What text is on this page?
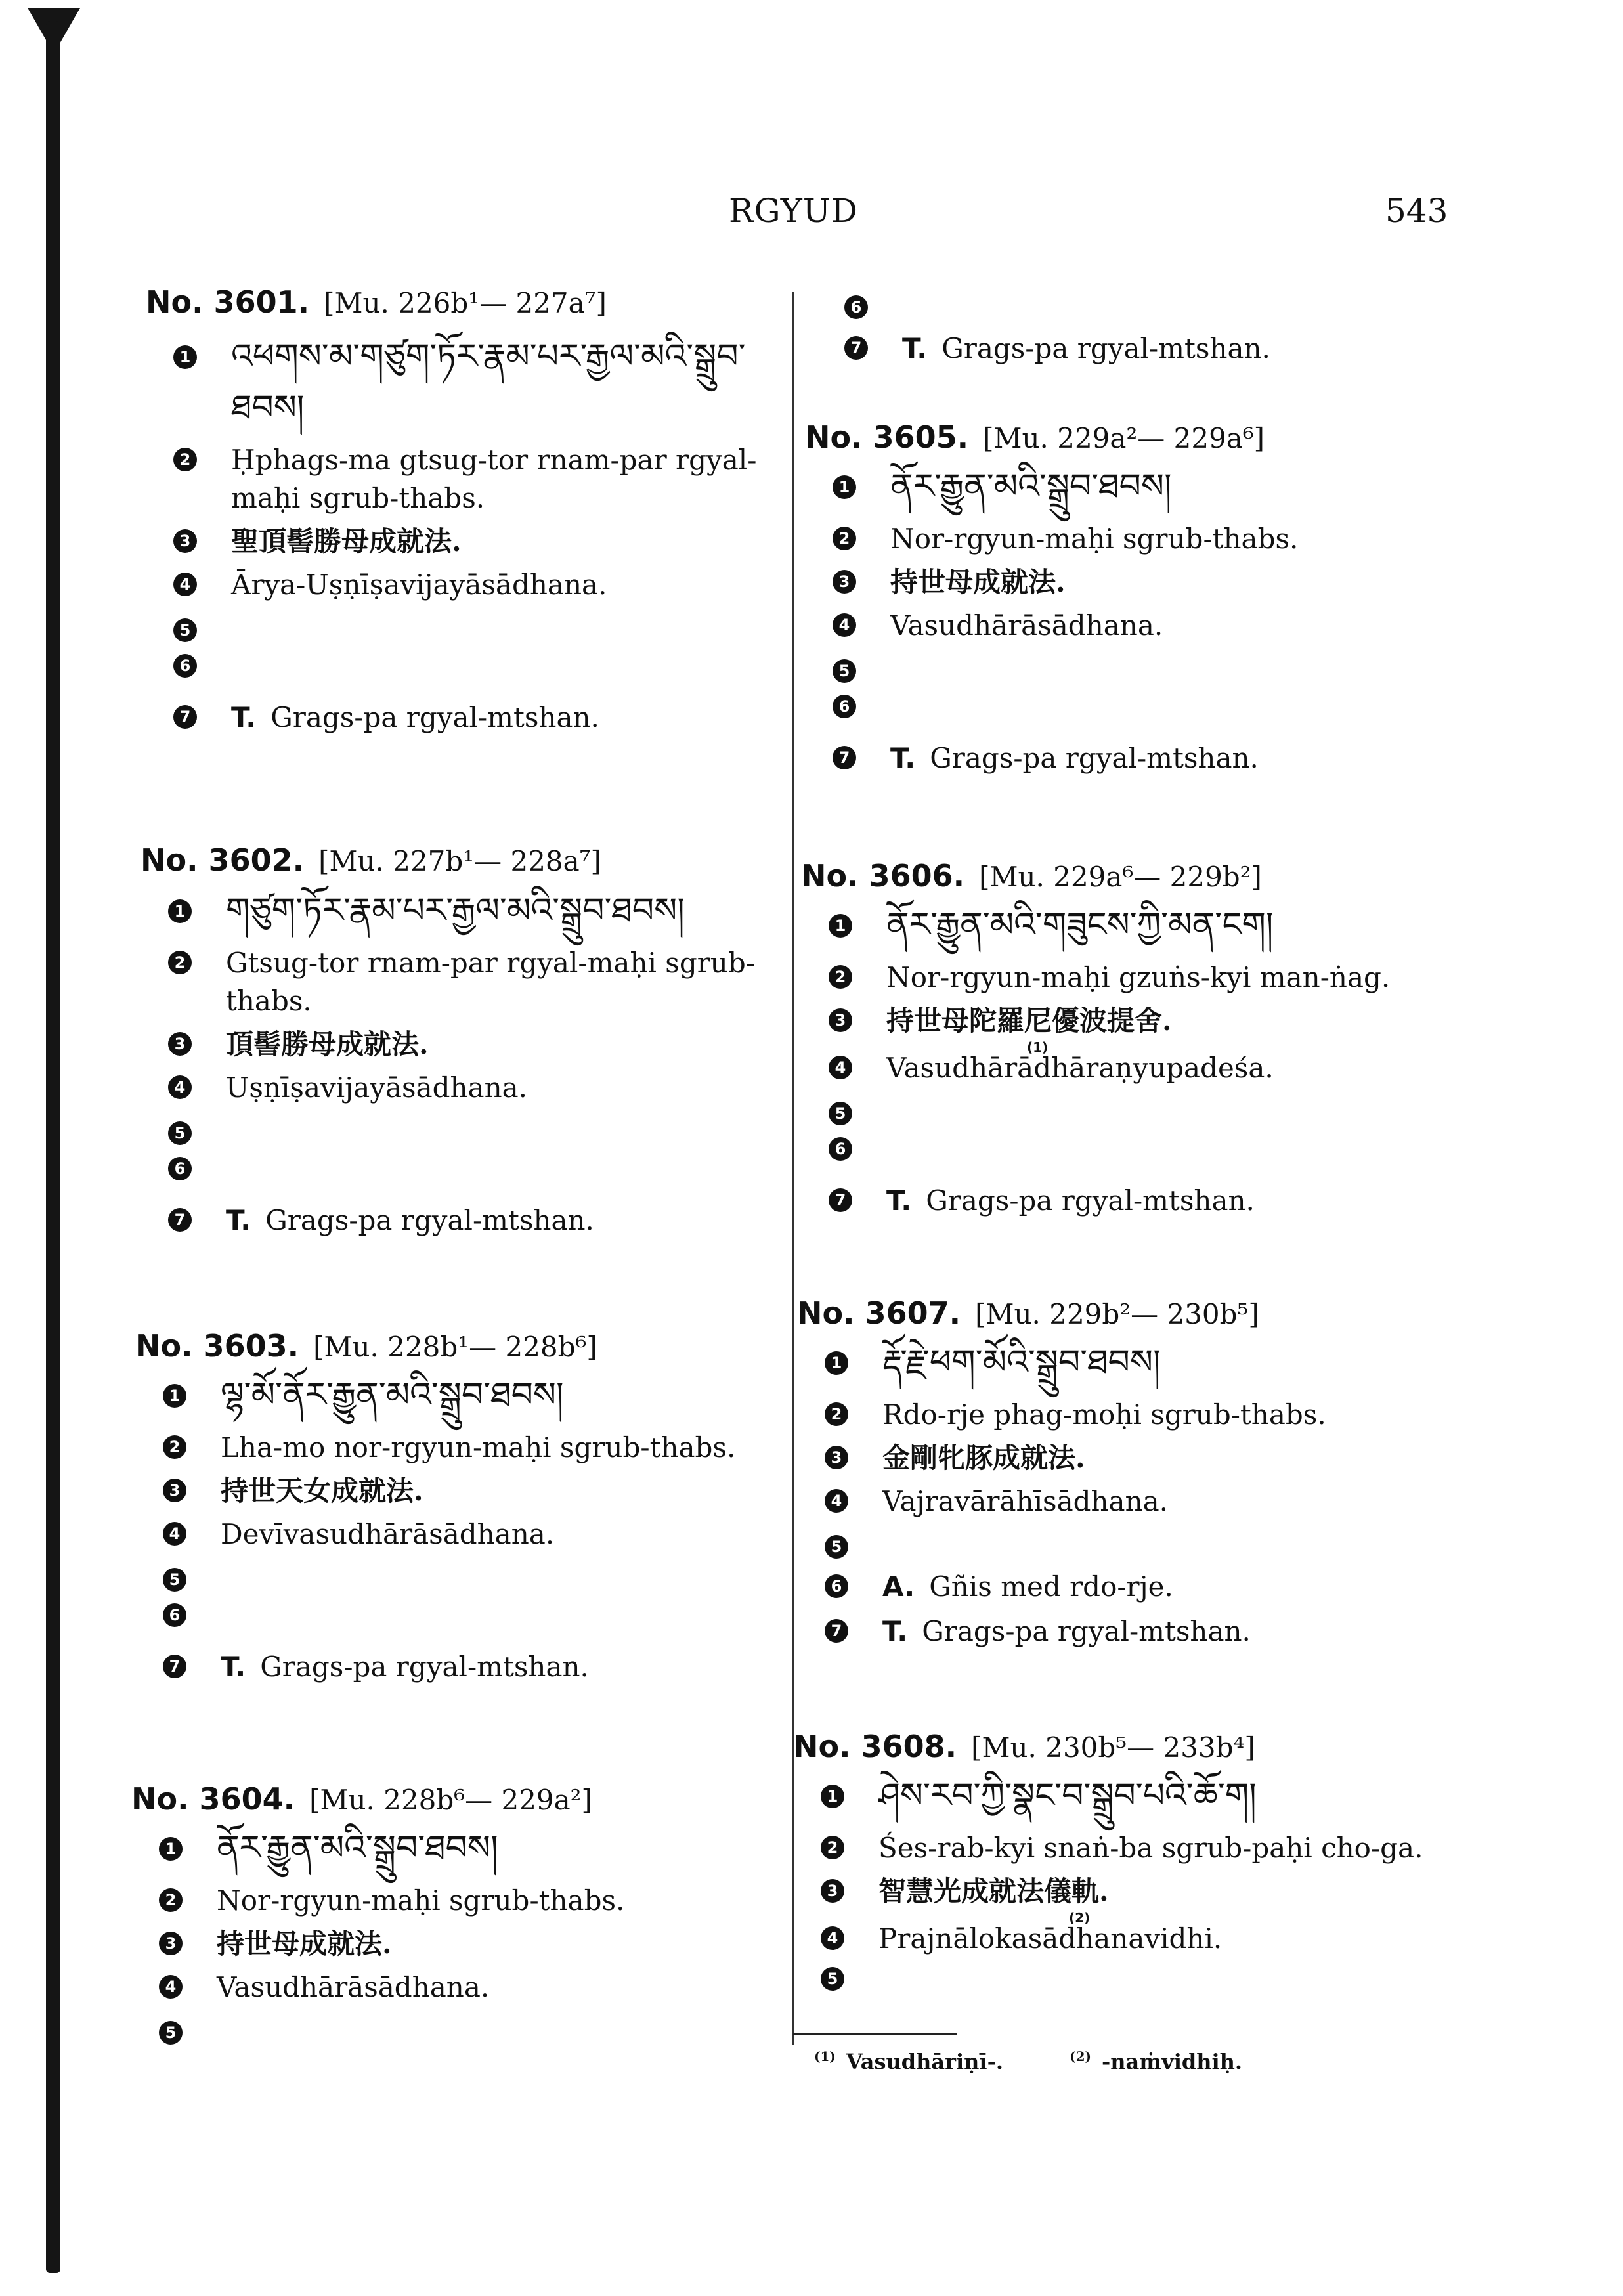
RGYUD	543
No. 3601. [Mu. 226b¹— 227a⁷]
1 འཕགས་མ་གཙུག་ཏོར་རྣམ་པར་རྒྱལ་མའི་སྒྲུབ་ཐབས།
2 Ḥphags-ma gtsug-tor rnam-par rgyal-maḥi sgrub-thabs.
3 聖頂髻勝母成就法.
4 Ārya-Uṣṇīṣavijayāsādhana.
5
6
7 T. Grags-pa rgyal-mtshan.
No. 3602. [Mu. 227b¹— 228a⁷]
1 གཙུག་ཏོར་རྣམ་པར་རྒྱལ་མའི་སྒྲུབ་ཐབས།
2 Gtsug-tor rnam-par rgyal-maḥi sgrub-thabs.
3 頂髻勝母成就法.
4 Uṣṇīṣavijayāsādhana.
5
6
7 T. Grags-pa rgyal-mtshan.
No. 3603. [Mu. 228b¹— 228b⁶]
1 ལྷ་མོ་ནོར་རྒྱུན་མའི་སྒྲུབ་ཐབས།
2 Lha-mo nor-rgyun-maḥi sgrub-thabs.
3 持世天女成就法.
4 Devīvasudhārāsādhana.
5
6
7 T. Grags-pa rgyal-mtshan.
No. 3604. [Mu. 228b⁶— 229a²]
1 ནོར་རྒྱུན་མའི་སྒྲུབ་ཐབས།
2 Nor-rgyun-maḥi sgrub-thabs.
3 持世母成就法.
4 Vasudhārāsādhana.
5
6
7 T. Grags-pa rgyal-mtshan.
No. 3605. [Mu. 229a²— 229a⁶]
1 ནོར་རྒྱུན་མའི་སྒྲུབ་ཐབས།
2 Nor-rgyun-maḥi sgrub-thabs.
3 持世母成就法.
4 Vasudhārāsādhana.
5
6
7 T. Grags-pa rgyal-mtshan.
No. 3606. [Mu. 229a⁶— 229b²]
1 ནོར་རྒྱུན་མའི་གཟུངས་ཀྱི་མན་ངག།
2 Nor-rgyun-maḥi gzuṅs-kyi man-ṅag.
3 持世母陀羅尼優波提舍.
(1)
4 Vasudhārādhāraṇyupadeśa.
5
6
7 T. Grags-pa rgyal-mtshan.
No. 3607. [Mu. 229b²— 230b⁵]
1 རྡོ་རྗེ་ཕག་མོའི་སྒྲུབ་ཐབས།
2 Rdo-rje phag-moḥi sgrub-thabs.
3 金剛牝豚成就法.
4 Vajravārāhīsādhana.
5
6 A. Gñis med rdo-rje.
7 T. Grags-pa rgyal-mtshan.
No. 3608. [Mu. 230b⁵— 233b⁴]
1 ཤེས་རབ་ཀྱི་སྣང་བ་སྒྲུབ་པའི་ཆོ་ག།
2 Śes-rab-kyi snaṅ-ba sgrub-paḥi cho-ga.
3 智慧光成就法儀軌.
(2)
4 Prajnālokasādhanavidhi.
5
$^{(1)}$ Vasudhāriṇī-.	$^{(2)}$ -naṁvidhiḥ.
